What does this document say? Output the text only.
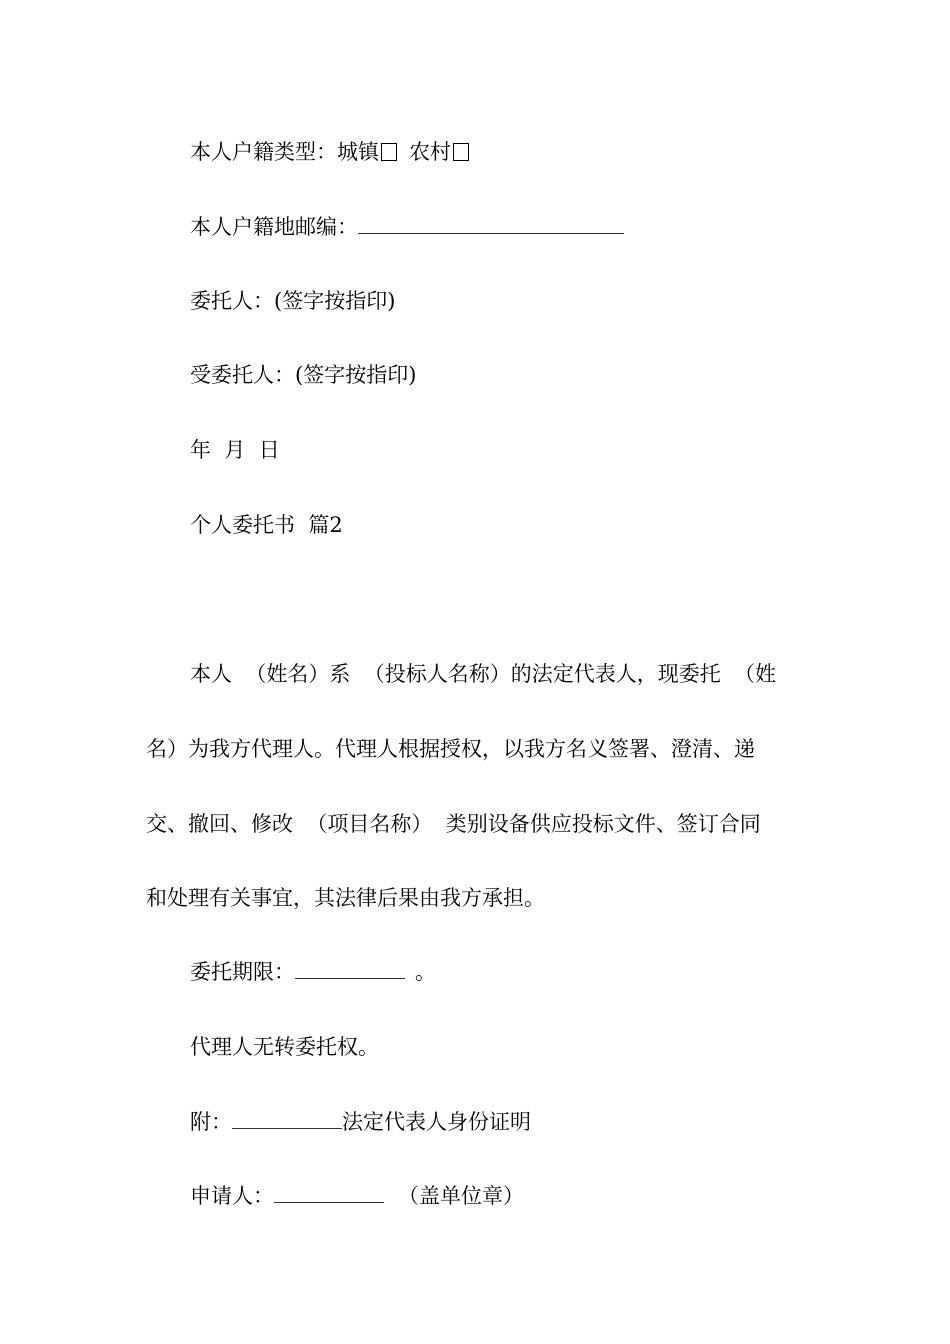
本人户籍类型：城镇 农村

本人户籍地邮编：

委托人：(签字按指印)

受委托人：(签字按指印)

年  月  日

个人委托书  篇2

本人  （姓名）系  （投标人名称）的法定代表人，现委托  （姓

名）为我方代理人。代理人根据授权，以我方名义签署、澄清、递

交、撤回、修改  （项目名称）  类别设备供应投标文件、签订合同

和处理有关事宜，其法律后果由我方承担。

委托期限：	。

代理人无转委托权。

附：	法定代表人身份证明

申请人：	（盖单位章）
